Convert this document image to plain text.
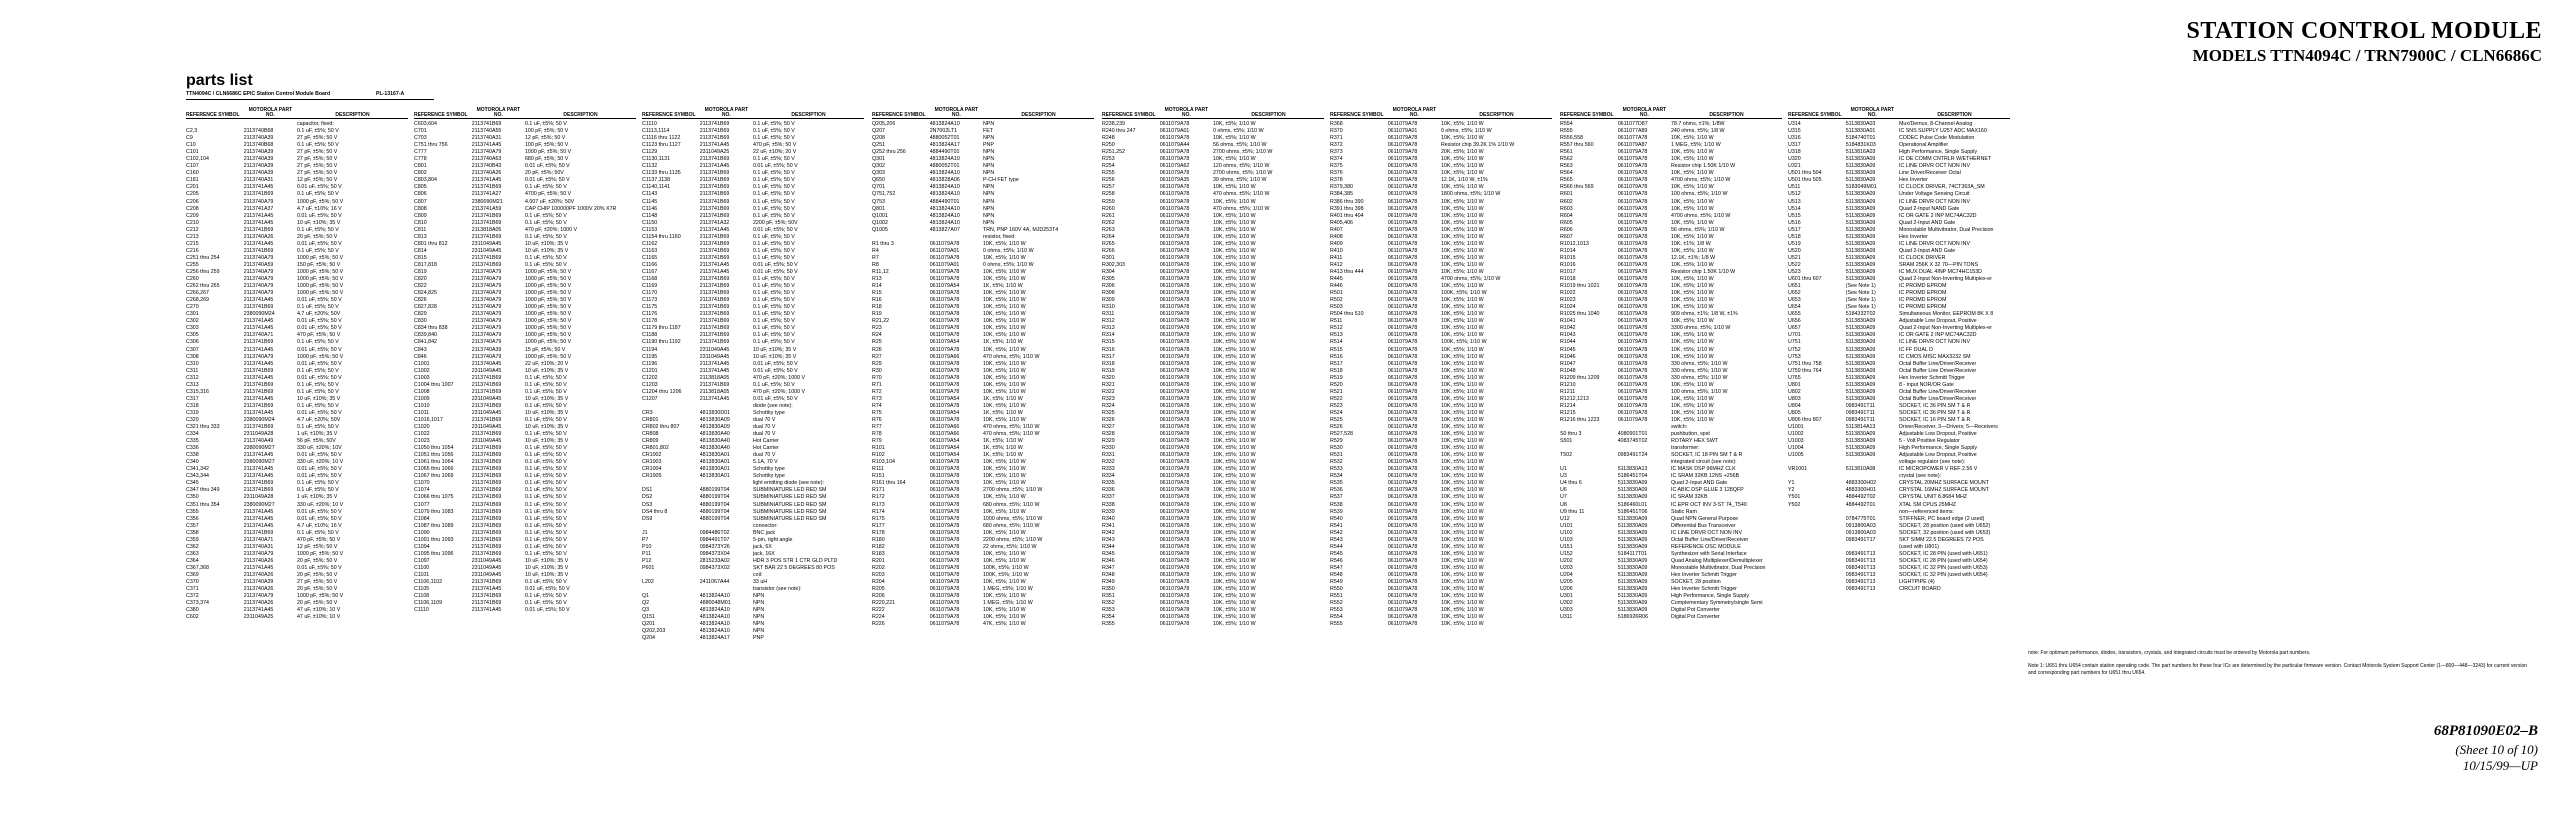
STATION CONTROL MODULE
MODELS TTN4094C / TRN7900C / CLN6686C
parts list
TTN4094C / CLN6686C EPIC Station Control Module Board	PL-13167-A
REFERENCE SYMBOL
MOTOROLA PART NO.	DESCRIPTION
capacitor, fixed:
C2,3	2113740B68	0.1 uF, ±5%; 50 V
C9	2113740A39	27 pF, ±5%; 50 V
C10	2113740B68	0.1 uF, ±5%; 50 V
C101	2113740A39	27 pF, ±5%; 50 V
C102,104	2113740A39	27 pF, ±5%; 50 V
C107	2113740A39	27 pF, ±5%; 50 V
C160	2113740A39	27 pF, ±5%; 50 V
C181	2113740A31	12 pF, ±5%; 50 V
C201	2113741A45	0.01 uF, ±5%; 50 V
C205	2113741B69	0.1 uF, ±5%; 50 V
C206	2113740A79	1000 pF, ±5%; 50 V
C208	2113741A37	4.7 uF, ±10%; 16 V
C209	2113741A45	0.01 uF, ±5%; 50 V
C210	2113741A45	10 uF, ±10%; 35 V
C212	2113741B69	0.1 uF, ±5%; 50 V
C213	2113740A26	20 pF, ±5%; 50 V
C215	2113741A45	0.01 uF, ±5%; 50 V
C216	2113741B69	0.1 uF, ±5%; 50 V
C251 thru 254	2113740A79	1000 pF, ±5%; 50 V
C255	2113740A59	150 pF, ±5%; 50 V
C256 thru 259	2113740A79	1000 pF, ±5%; 50 V
C260	2113740A79	1000 pF, ±5%; 50 V
C262 thru 265	2113740A79	1000 pF, ±5%; 50 V
C266,267	2113740A79	1000 pF, ±5%; 50 V
C268,269	2113741A45	0.01 uF, ±5%; 50 V
C270	2113741B69	0.1 uF, ±5%; 50 V
C301	2380090M24	4.7 uF, ±20%; 50V
C302	2113741A45	0.01 uF, ±5%; 50 V
C303	2113741A45	0.01 uF, ±5%; 50 V
C305	2113740A71	470 pF, ±5%; 50 V
C306	2113741B69	0.1 uF, ±5%; 50 V
C307	2113741A45	0.01 uF, ±5%; 50 V
C308	2113740A79	1000 pF, ±5%; 50 V
C310	2113741A45	0.01 uF, ±5%; 50 V
C311	2113741B69	0.1 uF, ±5%; 50 V
C312	2113741A45	0.01 uF, ±5%; 50 V
C313	2113741B69	0.1 uF, ±5%; 50 V
C315,316	2113741B69	0.1 uF, ±5%; 50 V
C317	2113741A45	10 uF, ±10%; 35 V
C318	2113741B69	0.1 uF, ±5%; 50 V
C319	2113741A45	0.01 uF, ±5%; 50 V
C320	2380090M24	4.7 uF, ±20%; 50V
C321 thru 333	2113741B69	0.1 uF, ±5%; 50 V
C334	2311049A28	1 uF, ±10%; 35 V
C335	2113740A49	56 pF, ±5%; 50V
C336	2380090M27	330 uF, ±20%; 10V
C338	2113741A45	0.01 uF, ±5%; 50 V
C340	2380090M27	330 uF, ±20%; 10 V
C341,342	2113741A45	0.01 uF, ±5%; 50 V
C343,344	2113741A45	0.01 uF, ±5%; 50 V
C345	2113741B69	0.1 uF, ±5%; 50 V
C347 thru 349	2113741B69	0.1 uF, ±5%; 50 V
C350	2311049A28	1 uF, ±10%; 35 V
C351 thru 354	2380090M27	330 uF, ±20%; 10 V
C355	2113741A45	0.01 uF, ±5%; 50 V
C356	2113741A45	0.01 uF, ±5%; 50 V
C357	2113741A45	4.7 uF, ±10%; 16 V
C358	2113741B69	0.1 uF, ±5%; 50 V
C359	2113740A71	470 pF, ±5%; 50 V
C362	2113740A31	12 pF, ±5%; 50 V
C363	2113740A79	1000 pF, ±5%; 50 V
C364	2113740A26	20 pF, ±5%; 50 V
C367,368	2113741A45	0.01 uF, ±5%; 50 V
C369	2113740A26	20 pF, ±5%; 50 V
C370	2113740A39	27 pF, ±5%; 50 V
C371	2113740A26	20 pF, ±5%; 50 V
C372	2113740A79	1000 pF, ±5%; 50 V
C373,374	2113740A26	20 pF, ±5%; 50 V
C380	2113741A45	47 uF, ±10%; 10 V
C602	2311049A25	47 uF, ±10%; 10 V
REFERENCE SYMBOL
MOTOROLA PART NO.	DESCRIPTION
C603,604	2113741B69	0.1 uF, ±5%; 50 V
C701	2113740A55	100 pF, ±5%; 50 V
C703	2113740A31	12 pF, ±5%; 50 V
C751 thru 756	2113741A45	100 pF, ±5%; 50 V
C777	2113740A79	1000 pF, ±5%; 50 V
C778	2113740A63	680 pF, ±5%; 50 V
C801	2113740B43	0.01 uF, ±5%; 50 V
C802	2113740A26	20 pF, ±5%; 50V
C803,804	2113741A45	0.01 uF, ±5%; 50 V
C805	2113741B69	0.1 uF, ±5%; 50 V
C806	2113741A27	4700 pF, ±5%; 50 V
C807	2380090M21	4.007 uF, ±20%; 50V
C808	2113741A59	CAP CHIP 100000PF 1000V 20% X7R
C809	2113741B69	0.1 uF, ±5%; 50 V
C810	2113741B69	0.1 uF, ±5%; 50 V
C811	2113818A05	470 pF, ±20%; 1000 V
C813	2113741B69	0.1 uF, ±5%; 50 V
C801 thru 812	2311049A45	10 uF, ±10%; 35 V
C814	2311049A45	10 uF, ±10%; 35 V
C815	2113741B69	0.1 uF, ±5%; 50 V
C817,818	2113741B69	0.1 uF, ±5%; 50 V
C819	2113740A79	1000 pF, ±5%; 50 V
C820	2113740A79	1000 pF, ±5%; 50 V
C822	2113740A79	1000 pF, ±5%; 50 V
C824,825	2113740A79	1000 pF, ±5%; 50 V
C826	2113740A79	1000 pF, ±5%; 50 V
C827,828	2113740A79	1000 pF, ±5%; 50 V
C829	2113740A79	1000 pF, ±5%; 50 V
C830	2113740A79	1000 pF, ±5%; 50 V
C834 thru 838	2113740A79	1000 pF, ±5%; 50 V
C839,840	2113740A79	1000 pF, ±5%; 50 V
C841,842	2113740A79	1000 pF, ±5%; 50 V
C843	2113740A39	15 pF, ±5%; 50 V
C846	2113740A79	1000 pF, ±5%; 50 V
C1001	2113740A45	22 uF, ±10%; 20 V
C1002	2311049A45	10 uF, ±10%; 35 V
C1003	2113741B69	0.1 uF, ±5%; 50 V
C1004 thru 1007	2113741B69	0.1 uF, ±5%; 50 V
C1008	2113741B69	0.1 uF, ±5%; 50 V
C1009	2311049A45	10 uF, ±10%; 35 V
C1010	2113741B69	0.1 uF, ±5%; 50 V
C1011	2311049A45	10 uF, ±10%; 35 V
C1016,1017	2113741B69	0.1 uF, ±5%; 50 V
C1020	2311049A45	10 uF, ±10%; 35 V
C1022	2113741B69	0.1 uF, ±5%; 50 V
C1023	2311049A45	10 uF, ±10%; 35 V
C1050 thru 1054	2113741B69	0.1 uF, ±5%; 50 V
C1051 thru 1056	2113741B69	0.1 uF, ±5%; 50 V
C1061 thru 1064	2113741B69	0.1 uF, ±5%; 50 V
C1065 thru 1066	2113741B69	0.1 uF, ±5%; 50 V
C1067 thru 1069	2113741B69	0.1 uF, ±5%; 50 V
C1070	2113741B69	0.1 uF, ±5%; 50 V
C1074	2113741B69	0.1 uF, ±5%; 50 V
C1066 thru 1075	2113741B69	0.1 uF, ±5%; 50 V
C1077	2113741B69	0.1 uF, ±5%; 50 V
C1079 thru 1083	2113741B69	0.1 uF, ±5%; 50 V
C1084	2113741B69	0.1 uF, ±5%; 50 V
C1087 thru 1089	2113741B69	0.1 uF, ±5%; 50 V
C1090	2113741B69	0.1 uF, ±5%; 50 V
C1091 thru 1093	2113741B69	0.1 uF, ±5%; 50 V
C1094	2113741B69	0.1 uF, ±5%; 50 V
C1095 thru 1096	2113741B69	0.1 uF, ±5%; 50 V
C1097	2311049A45	10 uF, ±10%; 35 V
C1100	2311049A45	10 uF, ±10%; 35 V
C1101	2311049A45	10 uF, ±10%; 35 V
C1106,1102	2113741B69	0.1 uF, ±5%; 50 V
C1105	2113741A45	0.01 uF, ±5%; 50 V
C1108	2113741B69	0.1 uF, ±5%; 50 V
C1106,1109	2113741B69	0.1 uF, ±5%; 50 V
C1110	2113741A45	0.01 uF, ±5%; 50 V
REFERENCE SYMBOL
MOTOROLA PART NO.	DESCRIPTION
C1110	2113741B69	0.1 uF, ±5%; 50 V
C1113,1114	2113741B69	0.1 uF, ±5%; 50 V
C1116 thru 1122	2113741B69	0.1 uF, ±5%; 50 V
C1123 thru 1127	2113741A45	470 pF, ±5%; 50 V
C1129	2311049A25	22 uF, ±10%; 20 V
C1130,1131	2113741B69	0.1 uF, ±5%; 50 V
C1132	2113741A45	0.01 uF, ±5%; 50 V
C1133 thru 1135	2113741B69	0.1 uF, ±5%; 50 V
C1137,1138	2113741B69	0.1 uF, ±5%; 50 V
C1140,1141	2113741B69	0.1 uF, ±5%; 50 V
C1143	2113741B69	0.1 uF, ±5%; 50 V
C1145	2113741B69	0.1 uF, ±5%; 50 V
C1146	2113741B69	0.1 uF, ±5%; 50 V
C1148	2113741B69	0.1 uF, ±5%; 50 V
C1150	2113741A32	2200 pF, ±5%; 50V
C1153	2113741A45	0.01 uF, ±5%; 50 V
C1154 thru 1160	2113741B69	0.1 uF, ±5%; 50 V
C1162	2113741B69	0.1 uF, ±5%; 50 V
C1163	2113741B69	0.1 uF, ±5%; 50 V
C1165	2113741B69	0.1 uF, ±5%; 50 V
C1166	2113741A45	0.01 uF, ±5%; 50 V
C1167	2113741A45	0.01 uF, ±5%; 50 V
C1168	2113741B69	0.1 uF, ±5%; 50 V
C1169	2113741B69	0.1 uF, ±5%; 50 V
C1170	2113741B69	0.1 uF, ±5%; 50 V
C1173	2113741B69	0.1 uF, ±5%; 50 V
C1175	2113741B69	0.1 uF, ±5%; 50 V
C1176	2113741B69	0.1 uF, ±5%; 50 V
C1178	2113741B69	0.1 uF, ±5%; 50 V
C1179 thru 1187	2113741B69	0.1 uF, ±5%; 50 V
C1188	2113741B69	0.1 uF, ±5%; 50 V
C1190 thru 1192	2113741B69	0.1 uF, ±5%; 50 V
C1194	2311049A45	10 uF, ±10%; 35 V
C1195	2311049A45	10 uF, ±10%; 35 V
C1196	2113741A45	0.01 uF, ±5%; 50 V
C1201	2113741A45	0.01 uF, ±5%; 50 V
C1202	2113818A05	470 pF, ±20%; 1000 V
C1203	2113741B69	0.1 uF, ±5%; 50 V
C1204 thru 1206	2113818A05	470 pF, ±20%; 1000 V
C1207	2113741A45	0.01 uF, ±5%; 50 V
diode (see note):
CR3	4813830D01	Schottky type
CR801	4813830A09	dual 70 V
CR802 thru 807	4813830A09	dual 70 V
CR808	4813830A40	dual 70 V
CR809	4813830A40	Hot Carrier
CR801,802	4813830A40	Hot Carrier
CR1002	4813830A01	dual 70 V
CR1003	4813830A01	5.1A, 70 V
CR1004	4813830A01	Schottky type
CR1005	4813830A01	Schottky type
light emitting diode (see note):
DS1	4880199T04	SUBMINIATURE LED RED SM
DS2	4880199T04	SUBMINIATURE LED RED SM
DS3	4880199T04	SUBMINIATURE LED RED SM
DS4 thru 8	4880199T04	SUBMINIATURE LED RED SM
DS9	4880199T04	SUBMINIATURE LED RED SM
connector:
J1	0984486T02	BNC jack
P7	0984491T07	5-pin, right angle
P10	0984373Y26	jack, 6X
P11	0984373X04	jack, 16X
P12	2815233A02	HDR 3 POS STR 1 CTR GLD PLTD
P601	0984373X02	SKT BAR 22 5 DEGREES 80 POS
coil:
L202	2411067A44	33 uH
transistor (see note):
Q1	4813824A10	NPN
Q2	4880048M01	NPN
Q3	4813824A10	NPN
Q151	4813824A10	NPN
Q201	4813824A10	NPN
Q202,203	4813824A10	NPN
Q204	4813824A17	PNP
REFERENCE SYMBOL
MOTOROLA PART NO.	DESCRIPTION
Q205,206	4813824A10	NPN
Q207	2N7002LT1	FET
Q208	4880052T01	NPN
Q251	4813824A17	PNP
Q252 thru 256	4884490T01	NPN
Q301	4813824A10	NPN
Q302	4880052T01	NPN
Q303	4813824A10	NPN
Q650	4813828A06	P-CH FET type
Q701	4813824A10	NPN
Q751,752	4813824A10	NPN
Q753	4884490T01	NPN
Q801	4813824A10	NPN
Q1001	4813824A10	NPN
Q1002	4813824A10	NPN
Q1005	4813827A07	TRN, PNP 160V 4A, MJD253T4
resistor, fixed:
R1 thru 3	0611079A78	10K, ±5%; 1/10 W
R4	0611079A01	0 ohms, ±5%; 1/10 W
R7	0611079A78	10K, ±5%; 1/10 W
R8	0611079A01	0 ohms, ±5%; 1/10 W
R11,12	0611079A78	10K, ±5%; 1/10 W
R13	0611079A78	10K, ±5%; 1/10 W
R14	0611079A54	1K, ±5%; 1/10 W
R15	0611079A78	10K, ±5%; 1/10 W
R16	0611079A78	10K, ±5%; 1/10 W
R18	0611079A78	10K, ±5%; 1/10 W
R19	0611079A78	10K, ±5%; 1/10 W
R21,22	0611079A78	10K, ±5%; 1/10 W
R23	0611079A78	10K, ±5%; 1/10 W
R24	0611079A78	10K, ±5%; 1/10 W
R25	0611079A54	1K, ±5%; 1/10 W
R26	0611079A78	10K, ±5%; 1/10 W
R27	0611079A66	470 ohms, ±5%; 1/10 W
R29	0611079A78	10K, ±5%; 1/10 W
R30	0611079A78	10K, ±5%; 1/10 W
R70	0611079A78	10K, ±5%; 1/10 W
R71	0611079A78	10K, ±5%; 1/10 W
R72	0611079A78	10K, ±5%; 1/10 W
R73	0611079A54	1K, ±5%; 1/10 W
R74	0611079A78	10K, ±5%; 1/10 W
R75	0611079A54	1K, ±5%; 1/10 W
R76	0611079A78	10K, ±5%; 1/10 W
R77	0611079A66	470 ohms, ±5%; 1/10 W
R78	0611079A66	470 ohms, ±5%; 1/10 W
R79	0611079A54	1K, ±5%; 1/10 W
R101	0611079A54	1K, ±5%; 1/10 W
R102	0611079A54	1K, ±5%; 1/10 W
R103,104	0611079A78	10K, ±5%; 1/10 W
R111	0611079A78	10K, ±5%; 1/10 W
R151	0611079A78	10K, ±5%; 1/10 W
R161 thru 164	0611079A78	10K, ±5%; 1/10 W
R171	0611079A78	2700 ohms, ±5%; 1/10 W
R172	0611079A78	10K, ±5%; 1/10 W
R173	0611079A78	680 ohms, ±5%; 1/10 W
R174	0611079A78	10K, ±5%; 1/10 W
R175	0611079A78	1000 ohms, ±5%; 1/10 W
R177	0611079A78	680 ohms, ±5%; 1/10 W
R178	0611079A78	10K, ±5%; 1/10 W
R180	0611079A78	2200 ohms, ±5%; 1/10 W
R182	0611079A78	22 ohms, ±5%; 1/10 W
R183	0611079A78	10K, ±5%; 1/10 W
R201	0611079A78	10K, ±5%; 1/10 W
R202	0611079A78	100K, ±5%; 1/10 W
R203	0611079A78	100K, ±5%; 1/10 W
R204	0611079A78	10K, ±5%; 1/10 W
R205	0611079A78	1 MEG, ±5%; 1/10 W
R206	0611079A78	10K, ±5%; 1/10 W
R220,221	0611079A78	1 MEG, ±5%; 1/10 W
R222	0611079A78	10K, ±5%; 1/10 W
R224	0611079A78	10K, ±5%; 1/10 W
R226	0611079A78	47K, ±5%; 1/10 W
REFERENCE SYMBOL
MOTOROLA PART NO.	DESCRIPTION
R238,239	0611079A78	10K, ±5%; 1/10 W
R240 thru 247	0611079A01	0 ohms, ±5%; 1/10 W
R248	0611079A78	10K, ±5%; 1/10 W
R250	0611079A44	56 ohms, ±5%; 1/10 W
R251,252	0611079A78	2700 ohms, ±5%; 1/10 W
R253	0611079A78	10K, ±5%; 1/10 W
R254	0611079A62	120 ohms, ±5%; 1/10 W
R255	0611079A78	2700 ohms, ±5%; 1/10 W
R256	0611079A35	39 ohms, ±5%; 1/10 W
R257	0611079A78	10K, ±5%; 1/10 W
R258	0611079A78	470 ohms, ±5%; 1/10 W
R259	0611079A78	10K, ±5%; 1/10 W
R260	0611079A78	470 ohms, ±5%; 1/10 W
R261	0611079A78	10K, ±5%; 1/10 W
R262	0611079A78	10K, ±5%; 1/10 W
R263	0611079A78	10K, ±5%; 1/10 W
R264	0611079A78	10K, ±5%; 1/10 W
R265	0611079A78	10K, ±5%; 1/10 W
R266	0611079A78	10K, ±5%; 1/10 W
R301	0611079A78	10K, ±5%; 1/10 W
R302,303	0611079A78	10K, ±5%; 1/10 W
R304	0611079A78	10K, ±5%; 1/10 W
R305	0611079A78	10K, ±5%; 1/10 W
R306	0611079A78	10K, ±5%; 1/10 W
R308	0611079A78	10K, ±5%; 1/10 W
R309	0611079A78	10K, ±5%; 1/10 W
R310	0611079A78	10K, ±5%; 1/10 W
R311	0611079A78	10K, ±5%; 1/10 W
R312	0611079A78	10K, ±5%; 1/10 W
R313	0611079A78	10K, ±5%; 1/10 W
R314	0611079A78	10K, ±5%; 1/10 W
R315	0611079A78	10K, ±5%; 1/10 W
R316	0611079A78	10K, ±5%; 1/10 W
R317	0611079A78	10K, ±5%; 1/10 W
R318	0611079A78	10K, ±5%; 1/10 W
R319	0611079A78	10K, ±5%; 1/10 W
R320	0611079A78	10K, ±5%; 1/10 W
R321	0611079A78	10K, ±5%; 1/10 W
R322	0611079A78	10K, ±5%; 1/10 W
R323	0611079A78	10K, ±5%; 1/10 W
R324	0611079A78	10K, ±5%; 1/10 W
R325	0611079A78	10K, ±5%; 1/10 W
R326	0611079A78	10K, ±5%; 1/10 W
R327	0611079A78	10K, ±5%; 1/10 W
R328	0611079A78	10K, ±5%; 1/10 W
R329	0611079A78	10K, ±5%; 1/10 W
R330	0611079A78	10K, ±5%; 1/10 W
R331	0611079A78	10K, ±5%; 1/10 W
R332	0611079A78	10K, ±5%; 1/10 W
R333	0611079A78	10K, ±5%; 1/10 W
R334	0611079A78	10K, ±5%; 1/10 W
R335	0611079A78	10K, ±5%; 1/10 W
R336	0611079A78	10K, ±5%; 1/10 W
R337	0611079A78	10K, ±5%; 1/10 W
R338	0611079A78	10K, ±5%; 1/10 W
R339	0611079A78	10K, ±5%; 1/10 W
R340	0611079A78	10K, ±5%; 1/10 W
R341	0611079A78	10K, ±5%; 1/10 W
R342	0611079A78	10K, ±5%; 1/10 W
R343	0611079A78	10K, ±5%; 1/10 W
R344	0611079A78	10K, ±5%; 1/10 W
R345	0611079A78	10K, ±5%; 1/10 W
R346	0611079A78	10K, ±5%; 1/10 W
R347	0611079A78	10K, ±5%; 1/10 W
R348	0611079A78	10K, ±5%; 1/10 W
R349	0611079A78	10K, ±5%; 1/10 W
R350	0611079A78	10K, ±5%; 1/10 W
R351	0611079A78	10K, ±5%; 1/10 W
R352	0611079A78	10K, ±5%; 1/10 W
R353	0611079A78	10K, ±5%; 1/10 W
R354	0611079A78	10K, ±5%; 1/10 W
R355	0611079A78	10K, ±5%; 1/10 W
REFERENCE SYMBOL
MOTOROLA PART NO.	DESCRIPTION
R368	0611079A78	10K, ±5%; 1/10 W
R370	0611079A01	0 ohms, ±5%; 1/10 W
R371	0611079A78	10K, ±5%; 1/10 W
R372	0611079A78	Resistor chip 39.2K 1% 1/10 W
R373	0611079A78	20K, ±5%; 1/10 W
R374	0611079A78	10K, ±5%; 1/10 W
R375	0611079A78	10K, ±5%; 1/10 W
R376	0611079A78	10K, ±5%; 1/10 W
R378	0611079A78	12.1K, 1/10 W, ±1%
R379,380	0611079A78	10K, ±5%; 1/10 W
R384,385	0611079A78	1800 ohms, ±5%; 1/10 W
R386 thru 390	0611079A78	10K, ±5%; 1/10 W
R391 thru 398	0611079A78	10K, ±5%; 1/10 W
R401 thru 404	0611079A78	10K, ±5%; 1/10 W
R405,406	0611079A78	10K, ±5%; 1/10 W
R407	0611079A78	10K, ±5%; 1/10 W
R408	0611079A78	10K, ±5%; 1/10 W
R409	0611079A78	10K, ±5%; 1/10 W
R410	0611079A78	10K, ±5%; 1/10 W
R411	0611079A78	10K, ±5%; 1/10 W
R412	0611079A78	10K, ±5%; 1/10 W
R413 thru 444	0611079A78	10K, ±5%; 1/10 W
R445	0611079A78	4700 ohms, ±5%; 1/10 W
R446	0611079A78	10K, ±5%; 1/10 W
R501	0611079A78	100K, ±5%; 1/10 W
R502	0611079A78	10K, ±5%; 1/10 W
R503	0611079A78	10K, ±5%; 1/10 W
R504 thru 510	0611079A78	10K, ±5%; 1/10 W
R511	0611079A78	10K, ±5%; 1/10 W
R512	0611079A78	10K, ±5%; 1/10 W
R513	0611079A78	10K, ±5%; 1/10 W
R514	0611079A78	100K, ±5%; 1/10 W
R515	0611079A78	10K, ±5%; 1/10 W
R516	0611079A78	10K, ±5%; 1/10 W
R517	0611079A78	10K, ±5%; 1/10 W
R518	0611079A78	10K, ±5%; 1/10 W
R519	0611079A78	10K, ±5%; 1/10 W
R520	0611079A78	10K, ±5%; 1/10 W
R521	0611079A78	10K, ±5%; 1/10 W
R522	0611079A78	10K, ±5%; 1/10 W
R523	0611079A78	10K, ±5%; 1/10 W
R524	0611079A78	10K, ±5%; 1/10 W
R525	0611079A78	10K, ±5%; 1/10 W
R526	0611079A78	10K, ±5%; 1/10 W
R527,528	0611079A78	10K, ±5%; 1/10 W
R529	0611079A78	10K, ±5%; 1/10 W
R530	0611079A78	10K, ±5%; 1/10 W
R531	0611079A78	10K, ±5%; 1/10 W
R532	0611079A78	10K, ±5%; 1/10 W
R533	0611079A78	10K, ±5%; 1/10 W
R534	0611079A78	10K, ±5%; 1/10 W
R535	0611079A78	10K, ±5%; 1/10 W
R536	0611079A78	10K, ±5%; 1/10 W
R537	0611079A78	10K, ±5%; 1/10 W
R538	0611079A78	10K, ±5%; 1/10 W
R539	0611079A78	10K, ±5%; 1/10 W
R540	0611079A78	10K, ±5%; 1/10 W
R541	0611079A78	10K, ±5%; 1/10 W
R542	0611079A78	10K, ±5%; 1/10 W
R543	0611079A78	10K, ±5%; 1/10 W
R544	0611079A78	10K, ±5%; 1/10 W
R545	0611079A78	10K, ±5%; 1/10 W
R546	0611079A78	10K, ±5%; 1/10 W
R547	0611079A78	10K, ±5%; 1/10 W
R548	0611079A78	10K, ±5%; 1/10 W
R549	0611079A78	10K, ±5%; 1/10 W
R550	0611079A78	10K, ±5%; 1/10 W
R551	0611079A78	10K, ±5%; 1/10 W
R552	0611079A78	10K, ±5%; 1/10 W
R553	0611079A78	10K, ±5%; 1/10 W
R554	0611079A78	10K, ±5%; 1/10 W
R555	0611079A78	10K, ±5%; 1/10 W
REFERENCE SYMBOL
MOTOROLA PART NO.	DESCRIPTION
R554	0611077D87	78.7 ohms, ±1%; 1/8W
R555	0611077A89	240 ohms, ±5%; 1/8 W
R556,558	0611077A78	10K, ±5%; 1/10 W
R557 thru 560	0611079A87	1 MEG, ±5%; 1/10 W
R561	0611079A78	10K, ±5%; 1/10 W
R562	0611079A78	10K, ±5%; 1/10 W
R563	0611079A78	Resistor chip 1.50K 1/10 W
R564	0611079A78	10K, ±5%; 1/10 W
R565	0611079A78	4700 ohms, ±5%; 1/10 W
R566 thru 569	0611079A78	10K, ±5%; 1/10 W
R601	0611079A78	100 ohms, ±5%; 1/10 W
R602	0611079A78	10K, ±5%; 1/10 W
R603	0611079A78	10K, ±5%; 1/10 W
R604	0611079A78	4700 ohms, ±5%; 1/10 W
R605	0611079A78	10K, ±5%; 1/10 W
R606	0611079A78	56 ohms, ±5%; 1/10 W
R607	0611079A78	10K, ±5%; 1/10 W
R1012,1013	0611079A78	10K, ±1%; 1/8 W
R1014	0611079A78	10K, ±5%; 1/10 W
R1015	0611079A78	12.1K, ±1%; 1/8 W
R1016	0611079A78	10K, ±5%; 1/10 W
R1017	0611079A78	Resistor chip 1.50K 1/10 W
R1018	0611079A78	10K, ±5%; 1/10 W
R1019 thru 1021	0611079A78	10K, ±5%; 1/10 W
R1022	0611079A78	10K, ±5%; 1/10 W
R1023	0611079A78	10K, ±5%; 1/10 W
R1024	0611079A78	10K, ±5%; 1/10 W
R1025 thru 1040	0611079A78	909 ohms, ±1%; 1/8 W, ±1%
R1041	0611079A78	10K, ±5%; 1/10 W
R1042	0611079A78	3300 ohms, ±5%; 1/10 W
R1043	0611079A78	10K, ±5%; 1/10 W
R1044	0611079A78	10K, ±5%; 1/10 W
R1045	0611079A78	10K, ±5%; 1/10 W
R1046	0611079A78	10K, ±5%; 1/10 W
R1047	0611079A78	330 ohms, ±5%; 1/10 W
R1048	0611079A78	330 ohms, ±5%; 1/10 W
R1209 thru 1209	0611079A78	330 ohms, ±5%; 1/10 W
R1210	0611079A78	10K, ±5%; 1/10 W
R1211	0611079A78	100 ohms, ±5%; 1/10 W
R1212,1213	0611079A78	10K, ±5%; 1/10 W
R1214	0611079A78	10K, ±5%; 1/10 W
R1215	0611079A78	10K, ±5%; 1/10 W
R1216 thru 1223	0611079A78	10K, ±5%; 1/10 W
switch:
S0 thru 3	4080901T01	pushbutton, spst
S501	4083745T02	ROTARY HEX SWT
transformer:
T502	0983491T24	SOCKET, IC 18 PIN SM T & R
integrated circuit (see note):
U1	5113830A13	IC MASK DSP 96MHZ CLK
U3	5186451T04	IC SRAM 32KB 12NS +256B
U4 thru 6	5113830A09	Quad 2-Input AND Gate
U6	5113830A09	IC ABIC DSP GLUE 3 128QFP
U7	5113830A09	IC SRAM 32KB
U8	5186460L01	IC EPR OCT INV 3-ST 74_T540
U9 thru 11	5186451T06	Static Ram
U12	5113830A09	Quad NPN General Purpose
U101	5113830A09	Differential Bus Transceiver
U102	5113830A09	IC LINE DRVR OCT NON INV
U103	5113830A09	Octal Buffer Line/Driver/Receiver
U151	5113830A09	REFERENCE OSC MODULE
U152	5184117T01	Synthesizer with Serial Interface
U202	5113830A09	Quad Analog Multiplexer/Demultiplexer
U203	5113830A09	Monostable Multivibrator, Dual Precision
U204	5113830A09	Hex Inverter Schmitt Trigger
U205	5113830A09	SOCKET, 28 position
U206	5113830A09	Hex Inverter Schmitt Trigger
U301	5113830A09	High Performance, Single Supply
U302	5113830A09	Complementary Symmetry/single Semi
U303	5113830A09	Digital Pot Converter
U311	5186926R06	Digital Pot Converter
REFERENCE SYMBOL
MOTOROLA PART NO.	DESCRIPTION
U314	5113830A03	Mux/Demux, 8-Channel Analog
U315	5113830A01	IC SNS SUPPLY U257 ADC MAX160
U316	5184740T01	CODEC Pulse Code Modulation
U317	5184831K03	Operational Amplifier
U318	5113816A03	High Performance, Single Supply
U320	5113830A09	IC OE COMM CNTRLR W/ETHERNET
U321	5113830A09	IC LINE DRVR OCT NON INV
U501 thru 504	5113830A09	Line Driver/Receiver Octal
U501 thru 505	5113830A09	Hex Inverter
U511	5183049M01	IC CLOCK DRIVER, 74CT363A_SM
U512	5113830A09	Under Voltage Sensing Circuit
U513	5113830A09	IC LINE DRVR OCT NON INV
U514	5113830A09	Quad 2-Input NAND Gate
U515	5113830A09	IC OR GATE 2 INP MC74AC32D
U516	5113830A09	Quad 2-Input AND Gate
U517	5113830A09	Monostable Multivibrator, Dual Precision
U518	5113830A09	Hex Inverter
U519	5113830A09	IC LINE DRVR OCT NON INV
U520	5113830A09	Quad 2-Input AND Gate
U521	5113830A09	IC CLOCK DRIVER
U522	5113830A09	SRAM 256K X 32 70—PIN TONS
U523	5113830A09	IC MUX DUAL 4INP MC74HC153D
U601 thru 607	5113830A09	Quad 2-Input Non-Inverting Multiplex-er
U651	(See Note 1)	IC PROMD EPROM
U652	(See Note 1)	IC PROMD EPROM
U653	(See Note 1)	IC PROMD EPROM
U654	(See Note 1)	IC PROMD EPROM
U655	5184332T02	Simultaneous Monitor, EEPROM 8K X 8
U656	5113830A09	Adjustable Low Dropout, Positive
U657	5113830A09	Quad 2-Input Non-Inverting Multiplex-er
U701	5113830A09	IC OR GATE 2 INP MC74AC32D
U751	5113830A09	IC LINE DRVR OCT NON INV
U752	5113830A09	IC FF DUAL D
U753	5113830A09	IC CMOS MISC MAX3232 SM
U751 thru 758	5113830A09	Octal Buffer Line/Driver/Receiver
U759 thru 764	5113830A09	Octal Buffer Line Driver/Receiver
U765	5113830A09	Hex Inverter Schmitt Trigger
U801	5113830A09	8 - input NOR/OR Gate
U802	5113830A09	Octal Buffer Line/Driver/Receiver
U803	5113830A09	Octal Buffer Line/Driver/Receiver
U804	0983491T11	SOCKET, IC 36 PIN SM T & R
U805	0983491T11	SOCKET, IC 36 PIN SM T & R
U806 thru 807	0983491T11	SOCKET, IC 16 PIN SM T & R
U1001	5113814A13	Driver/Receiver, 3—Drivers; 5—Receivers
U1002	5113830A09	Adjustable Low Dropout, Positive
U1003	5113830A09	5 - Volt Positive Regulator
U1004	5113830A09	High Performance, Single Supply
U1005	5113830A09	Adjustable Low Dropout, Positive
voltage regulator (see note):
VR1001	5113810A08	IC MICROPOWER V REF 2.56 V
crystal (see note):
Y1	4883300H02	CRYSTAL 20MHZ SURFACE MOUNT
Y2	4883300H01	CRYSTAL 16MHZ SURFACE MOUNT
Y501	4884492T02	CRYSTAL UNIT 8.8684 MHZ
Y502	4884492T01	XTAL SM CPUS 25MHZ
non—referenced items:
0784775T01	STIFFNER, PC board edge (2 used)
0913800A03	SOCKET, 28 position (used with U652)
0913800A03	SOCKET, 32 position (used with U653)
0983491T17	SKT SIMM 22.5 DEGREES 72 POS
(used with U801)
0983491T13	SOCKET, IC 28 PIN (used with U651)
0983491T13	SOCKET, IC 28 PIN (used with U654)
0983491T13	SOCKET, IC 32 PIN (used with U653)
0983491T13	SOCKET, IC 32 PIN (used with U654)
0983491T13	LIGHTPIPE (4)
0983491T13	CIRCUIT BOARD

note: For optimum performance, diodes, transistors, crystals, and integrated circuits must be ordered by Motorola part numbers.

Note 1: U651 thru U654 contain station operating code. The part numbers for these four ICs are determined by the particular firmware version. Contact Motorola System Support Center (1—800—448—3243) for current version and corresponding part numbers for U651 thru U654.

68P81090E02–B
(Sheet 10 of 10)
10/15/99—UP
